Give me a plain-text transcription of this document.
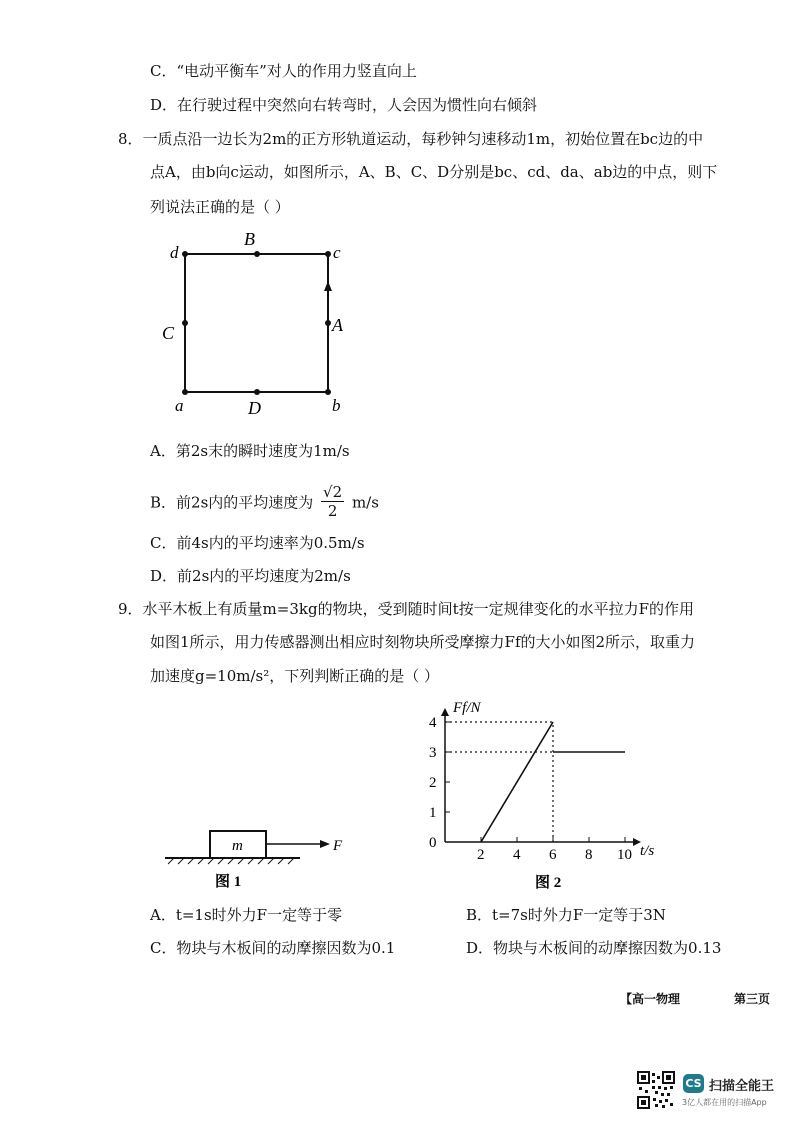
C．“电动平衡车”对人的作用力竖直向上
D．在行驶过程中突然向右转弯时，人会因为惯性向右倾斜
8．一质点沿一边长为2m的正方形轨道运动，每秒钟匀速移动1m，初始位置在bc边的中
点A，由b向c运动，如图所示，A、B、C、D分别是bc、cd、da、ab边的中点，则下
列说法正确的是（ ）
d	c
a	b
B
C	A
D
A．第2s末的瞬时速度为1m/s
B．前2s内的平均速度为 $\frac{√2}{2} m/s$
C．前4s内的平均速率为0.5m/s
D．前2s内的平均速度为2m/s
9．水平木板上有质量m=3kg的物块，受到随时间t按一定规律变化的水平拉力F的作用
如图1所示，用力传感器测出相应时刻物块所受摩擦力Ff的大小如图2所示，取重力
加速度g=10m/s²，下列判断正确的是（ ）
m	F
图 1
Ff/N
t/s
图 2
0
1
2
3
4
2 4 6 8 10
A．t=1s时外力F一定等于零	B．t=7s时外力F一定等于3N
C．物块与木板间的动摩擦因数为0.1	D．物块与木板间的动摩擦因数为0.13
【高一物理	第三页
CS 扫描全能王
3亿人都在用的扫描App
